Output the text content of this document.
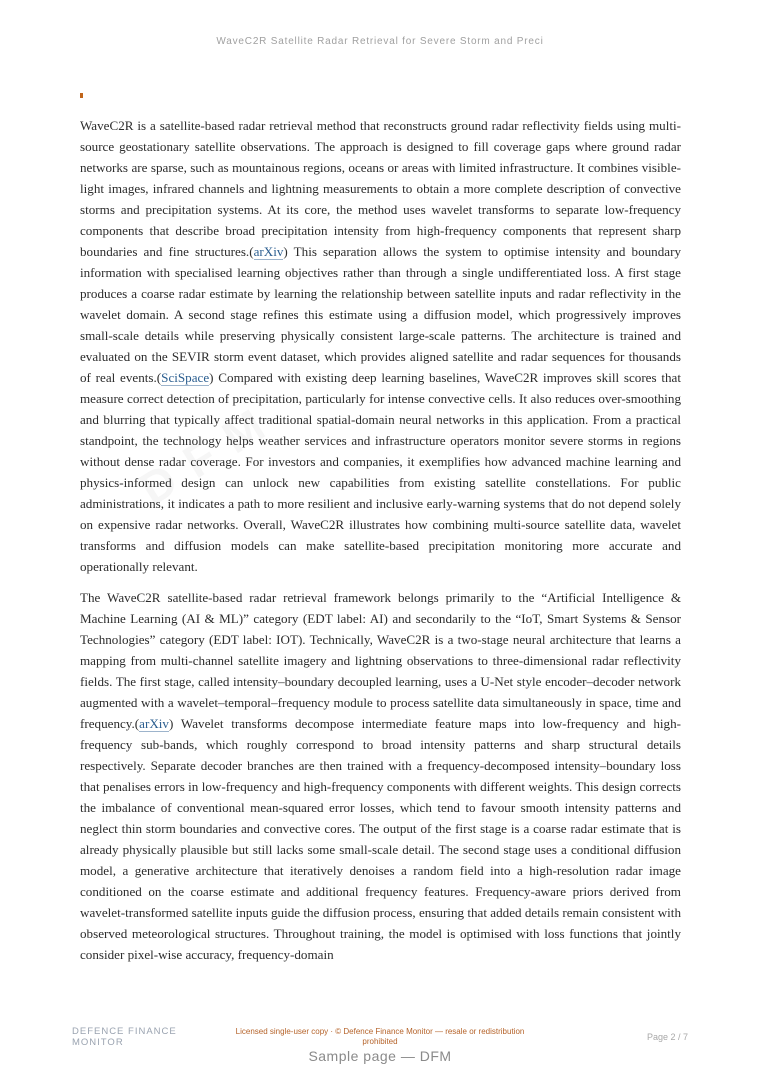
WaveC2R Satellite Radar Retrieval for Severe Storm and Preci

WaveC2R is a satellite-based radar retrieval method that reconstructs ground radar reflectivity fields using multi-source geostationary satellite observations. The approach is designed to fill coverage gaps where ground radar networks are sparse, such as mountainous regions, oceans or areas with limited infrastructure. It combines visible-light images, infrared channels and lightning measurements to obtain a more complete description of convective storms and precipitation systems. At its core, the method uses wavelet transforms to separate low-frequency components that describe broad precipitation intensity from high-frequency components that represent sharp boundaries and fine structures.(arXiv) This separation allows the system to optimise intensity and boundary information with specialised learning objectives rather than through a single undifferentiated loss. A first stage produces a coarse radar estimate by learning the relationship between satellite inputs and radar reflectivity in the wavelet domain. A second stage refines this estimate using a diffusion model, which progressively improves small-scale details while preserving physically consistent large-scale patterns. The architecture is trained and evaluated on the SEVIR storm event dataset, which provides aligned satellite and radar sequences for thousands of real events.(SciSpace) Compared with existing deep learning baselines, WaveC2R improves skill scores that measure correct detection of precipitation, particularly for intense convective cells. It also reduces over-smoothing and blurring that typically affect traditional spatial-domain neural networks in this application. From a practical standpoint, the technology helps weather services and infrastructure operators monitor severe storms in regions without dense radar coverage. For investors and companies, it exemplifies how advanced machine learning and physics-informed design can unlock new capabilities from existing satellite constellations. For public administrations, it indicates a path to more resilient and inclusive early-warning systems that do not depend solely on expensive radar networks. Overall, WaveC2R illustrates how combining multi-source satellite data, wavelet transforms and diffusion models can make satellite-based precipitation monitoring more accurate and operationally relevant.

The WaveC2R satellite-based radar retrieval framework belongs primarily to the “Artificial Intelligence & Machine Learning (AI & ML)” category (EDT label: AI) and secondarily to the “IoT, Smart Systems & Sensor Technologies” category (EDT label: IOT). Technically, WaveC2R is a two-stage neural architecture that learns a mapping from multi-channel satellite imagery and lightning observations to three-dimensional radar reflectivity fields. The first stage, called intensity–boundary decoupled learning, uses a U-Net style encoder–decoder network augmented with a wavelet–temporal–frequency module to process satellite data simultaneously in space, time and frequency.(arXiv) Wavelet transforms decompose intermediate feature maps into low-frequency and high-frequency sub-bands, which roughly correspond to broad intensity patterns and sharp structural details respectively. Separate decoder branches are then trained with a frequency-decomposed intensity–boundary loss that penalises errors in low-frequency and high-frequency components with different weights. This design corrects the imbalance of conventional mean-squared error losses, which tend to favour smooth intensity patterns and neglect thin storm boundaries and convective cores. The output of the first stage is a coarse radar estimate that is already physically plausible but still lacks some small-scale detail. The second stage uses a conditional diffusion model, a generative architecture that iteratively denoises a random field into a high-resolution radar image conditioned on the coarse estimate and additional frequency features. Frequency-aware priors derived from wavelet-transformed satellite inputs guide the diffusion process, ensuring that added details remain consistent with observed meteorological structures. Throughout training, the model is optimised with loss functions that jointly consider pixel-wise accuracy, frequency-domain

DEFENCE FINANCE
MONITOR
Licensed single-user copy · © Defence Finance Monitor — resale or redistribution prohibited	Page 2 / 7
Sample page — DFM
